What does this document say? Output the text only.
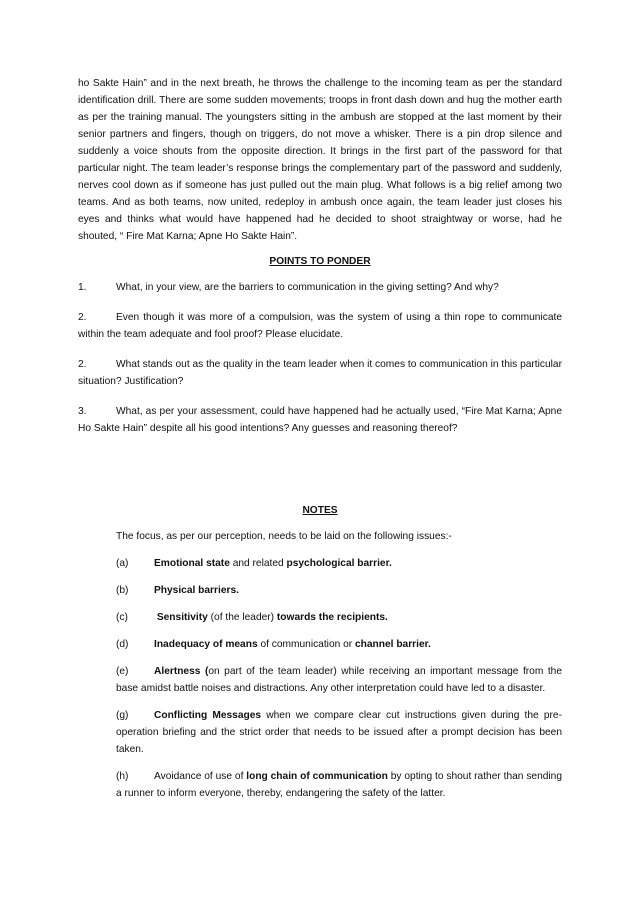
ho Sakte Hain” and in the next breath, he throws the challenge to the incoming team as per the standard identification drill. There are some sudden movements; troops in front dash down and hug the mother earth as per the training manual. The youngsters sitting in the ambush are stopped at the last moment by their senior partners and fingers, though on triggers, do not move a whisker. There is a pin drop silence and suddenly a voice shouts from the opposite direction. It brings in the first part of the password for that particular night. The team leader’s response brings the complementary part of the password and suddenly, nerves cool down as if someone has just pulled out the main plug. What follows is a big relief among two teams. And as both teams, now united, redeploy in ambush once again, the team leader just closes his eyes and thinks what would have happened had he decided to shoot straightway or worse, had he shouted, “ Fire Mat Karna; Apne Ho Sakte Hain”.

POINTS TO PONDER

1.	What, in your view, are the barriers to communication in the giving setting? And why?

2.	Even though it was more of a compulsion, was the system of using a thin rope to communicate within the team adequate and fool proof? Please elucidate.

2.	What stands out as the quality in the team leader when it comes to communication in this particular situation? Justification?

3.	What, as per your assessment, could have happened had he actually used, “Fire Mat Karna; Apne Ho Sakte Hain” despite all his good intentions? Any guesses and reasoning thereof?

NOTES

The focus, as per our perception, needs to be laid on the following issues:-

(a)	Emotional state and related psychological barrier.

(b)	Physical barriers.

(c)	Sensitivity (of the leader) towards the recipients.

(d)	Inadequacy of means of communication or channel barrier.

(e)	Alertness (on part of the team leader) while receiving an important message from the base amidst battle noises and distractions. Any other interpretation could have led to a disaster.

(g)	Conflicting Messages when we compare clear cut instructions given during the pre-operation briefing and the strict order that needs to be issued after a prompt decision has been taken.

(h)	Avoidance of use of long chain of communication by opting to shout rather than sending a runner to inform everyone, thereby, endangering the safety of the latter.
